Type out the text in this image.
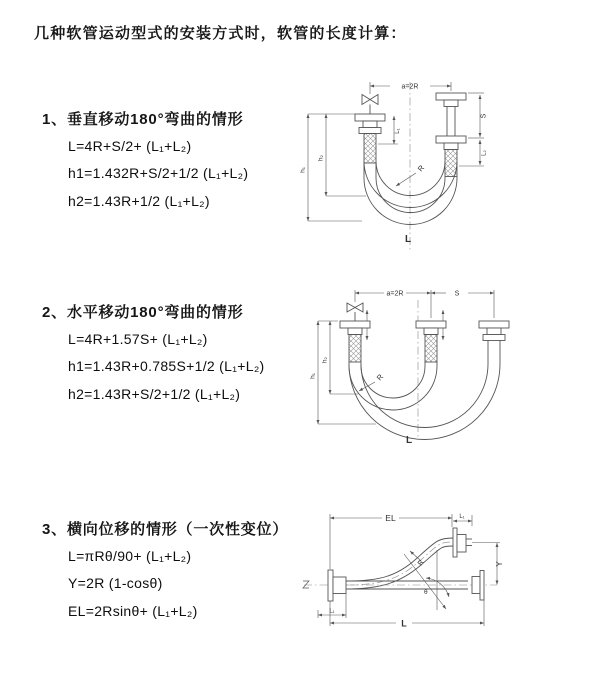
几种软管运动型式的安装方式时，软管的长度计算：
1、垂直移动180°弯曲的情形
L=4R+S/2+ (L₁+L₂)
h1=1.432R+S/2+1/2 (L₁+L₂)
h2=1.43R+1/2 (L₁+L₂)
2、水平移动180°弯曲的情形
L=4R+1.57S+ (L₁+L₂)
h1=1.43R+0.785S+1/2 (L₁+L₂)
h2=1.43R+S/2+1/2 (L₁+L₂)
3、横向位移的情形（一次性变位）
L=πRθ/90+ (L₁+L₂)
Y=2R (1-cosθ)
EL=2Rsinθ+ (L₁+L₂)
a=2R
h₁
h₂
L₁
S
L₂
R
L
a=2R	S
h₁
h₂
R
L
EL	L₁
Y
R
θ
L₁
L
